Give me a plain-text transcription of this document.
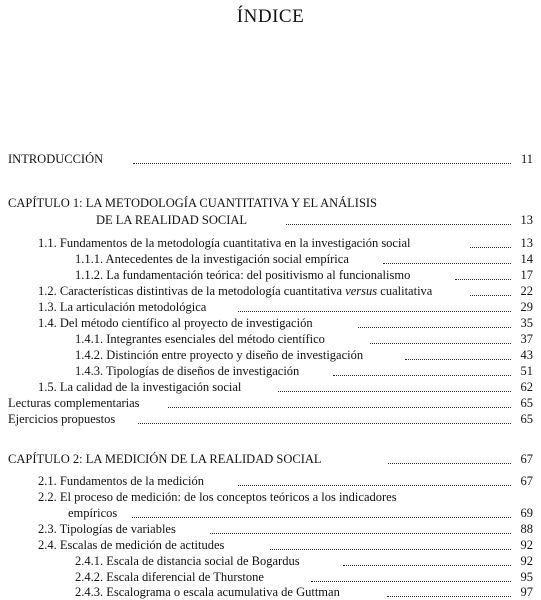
ÍNDICE
INTRODUCCIÓN	11
CAPÍTULO 1: LA METODOLOGÍA CUANTITATIVA Y EL ANÁLISIS
DE LA REALIDAD SOCIAL	13
1.1. Fundamentos de la metodología cuantitativa en la investigación social	13
1.1.1. Antecedentes de la investigación social empírica	14
1.1.2. La fundamentación teórica: del positivismo al funcionalismo	17
1.2. Características distintivas de la metodología cuantitativa versus cualitativa	22
1.3. La articulación metodológica	29
1.4. Del método científico al proyecto de investigación	35
1.4.1. Integrantes esenciales del método científico	37
1.4.2. Distinción entre proyecto y diseño de investigación	43
1.4.3. Tipologías de diseños de investigación	51
1.5. La calidad de la investigación social	62
Lecturas complementarias	65
Ejercicios propuestos	65
CAPÍTULO 2: LA MEDICIÓN DE LA REALIDAD SOCIAL	67
2.1. Fundamentos de la medición	67
2.2. El proceso de medición: de los conceptos teóricos a los indicadores
empíricos	69
2.3. Tipologías de variables	88
2.4. Escalas de medición de actitudes	92
2.4.1. Escala de distancia social de Bogardus	92
2.4.2. Escala diferencial de Thurstone	95
2.4.3. Escalograma o escala acumulativa de Guttman	97
